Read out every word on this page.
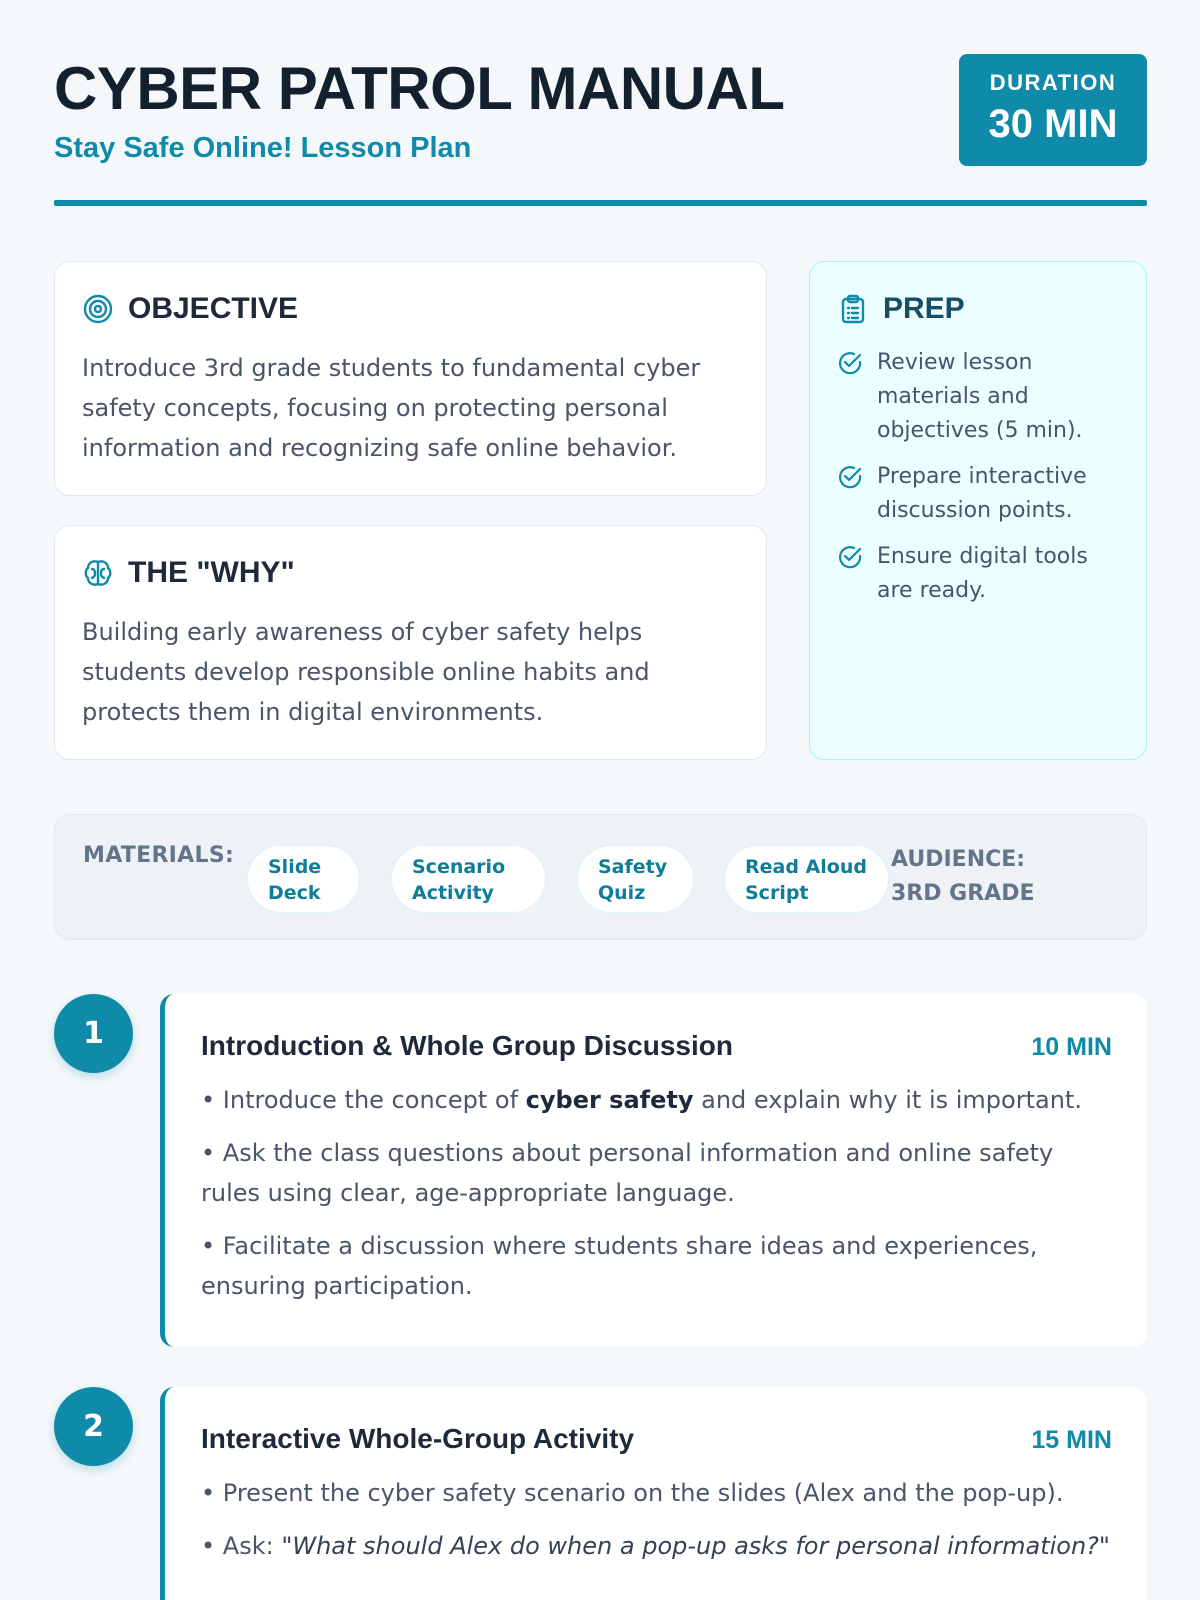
CYBER PATROL MANUAL
Stay Safe Online! Lesson Plan
DURATION
30 MIN
OBJECTIVE
Introduce 3rd grade students to fundamental cyber safety concepts, focusing on protecting personal information and recognizing safe online behavior.
THE "WHY"
Building early awareness of cyber safety helps students develop responsible online habits and protects them in digital environments.
PREP
Review lesson materials and objectives (5 min).
Prepare interactive discussion points.
Ensure digital tools are ready.
MATERIALS:	Slide Deck
Scenario Activity
Safety Quiz
Read Aloud Script
AUDIENCE: 3RD GRADE
1	Introduction & Whole Group Discussion	10 MIN
• Introduce the concept of cyber safety and explain why it is important.
• Ask the class questions about personal information and online safety rules using clear, age-appropriate language.
• Facilitate a discussion where students share ideas and experiences, ensuring participation.
2	Interactive Whole-Group Activity	15 MIN
• Present the cyber safety scenario on the slides (Alex and the pop-up).
• Ask: "What should Alex do when a pop-up asks for personal information?"
